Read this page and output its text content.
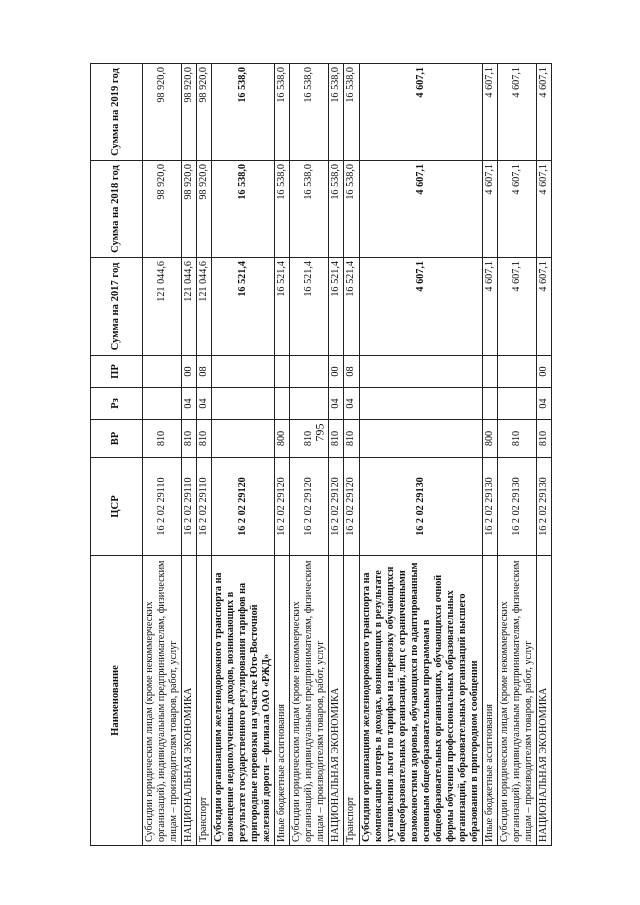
795
Наименование	ЦСР	ВР	Рз	ПР	Сумма на 2017 год	Сумма на 2018 год	Сумма на 2019 год
Субсидии юридическим лицам (кроме некоммерческих организаций), индивидуальным предпринимателям, физическим лицам – производителям товаров, работ, услуг	16 2 02 29110	810			121 044,6	98 920,0	98 920,0
НАЦИОНАЛЬНАЯ ЭКОНОМИКА	16 2 02 29110	810	04	00	121 044,6	98 920,0	98 920,0
Транспорт	16 2 02 29110	810	04	08	121 044,6	98 920,0	98 920,0
Субсидии организациям железнодорожного транспорта на возмещение недополученных доходов, возникающих в результате государственного регулирования тарифов на пригородные перевозки на участке Юго-Восточной железной дороги – филиала ОАО «РЖД»	16 2 02 29120				16 521,4	16 538,0	16 538,0
Иные бюджетные ассигнования	16 2 02 29120	800			16 521,4	16 538,0	16 538,0
Субсидии юридическим лицам (кроме некоммерческих организаций), индивидуальным предпринимателям, физическим лицам – производителям товаров, работ, услуг	16 2 02 29120	810			16 521,4	16 538,0	16 538,0
НАЦИОНАЛЬНАЯ ЭКОНОМИКА	16 2 02 29120	810	04	00	16 521,4	16 538,0	16 538,0
Транспорт	16 2 02 29120	810	04	08	16 521,4	16 538,0	16 538,0
Субсидии организациям железнодорожного транспорта на компенсацию потерь в доходах, возникающих в результате установления льгот по тарифам на перевозку обучающихся общеобразовательных организаций, лиц с ограниченными возможностями здоровья, обучающихся по адаптированным основным общеобразовательным программам в общеобразовательных организациях, обучающихся очной формы обучения профессиональных образовательных организаций, образовательных организаций высшего образования в пригородном сообщении	16 2 02 29130				4 607,1	4 607,1	4 607,1
Иные бюджетные ассигнования	16 2 02 29130	800			4 607,1	4 607,1	4 607,1
Субсидии юридическим лицам (кроме некоммерческих организаций), индивидуальным предпринимателям, физическим лицам – производителям товаров, работ, услуг	16 2 02 29130	810			4 607,1	4 607,1	4 607,1
НАЦИОНАЛЬНАЯ ЭКОНОМИКА	16 2 02 29130	810	04	00	4 607,1	4 607,1	4 607,1
